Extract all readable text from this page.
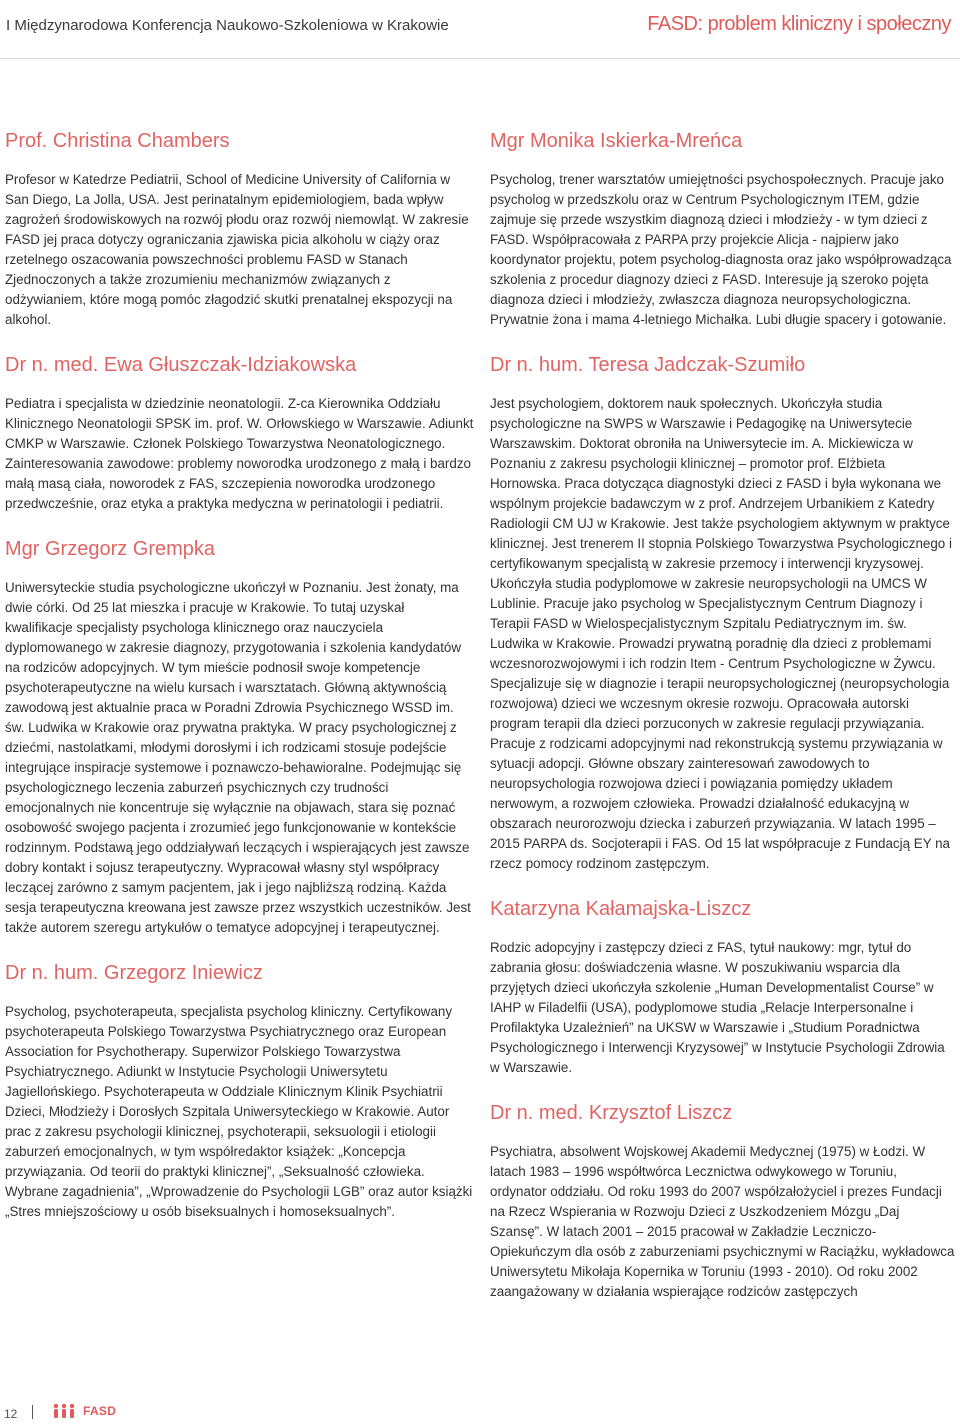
I Międzynarodowa Konferencja Naukowo-Szkoleniowa w Krakowie	FASD: problem kliniczny i społeczny
Prof. Christina Chambers

Profesor w Katedrze Pediatrii, School of Medicine University of California w San Diego, La Jolla, USA. Jest perinatalnym epidemiologiem, bada wpływ zagrożeń środowiskowych na rozwój płodu oraz rozwój niemowląt. W zakresie FASD jej praca dotyczy ograniczania zjawiska picia alkoholu w ciąży oraz rzetelnego oszacowania powszechności problemu FASD w Stanach Zjednoczonych a także zrozumieniu mechanizmów związanych z odżywianiem, które mogą pomóc złagodzić skutki prenatalnej ekspozycji na alkohol.

Dr n. med. Ewa Głuszczak-Idziakowska

Pediatra i specjalista w dziedzinie neonatologii. Z-ca Kierownika Oddziału Klinicznego Neonatologii SPSK im. prof. W. Orłowskiego w Warszawie. Adiunkt CMKP w Warszawie. Członek Polskiego Towarzystwa Neonatologicznego. Zainteresowania zawodowe: problemy noworodka urodzonego z małą i bardzo małą masą ciała, noworodek z FAS, szczepienia noworodka urodzonego przedwcześnie, oraz etyka a praktyka medyczna w perinatologii i pediatrii.

Mgr Grzegorz Grempka

Uniwersyteckie studia psychologiczne ukończył w Poznaniu. Jest żonaty, ma dwie córki. Od 25 lat mieszka i pracuje w Krakowie. To tutaj uzyskał kwalifikacje specjalisty psychologa klinicznego oraz nauczyciela dyplomowanego w zakresie diagnozy, przygotowania i szkolenia kandydatów na rodziców adopcyjnych. W tym mieście podnosił swoje kompetencje psychoterapeutyczne na wielu kursach i warsztatach. Główną aktywnością zawodową jest aktualnie praca w Poradni Zdrowia Psychicznego WSSD im. św. Ludwika w Krakowie oraz prywatna praktyka. W pracy psychologicznej z dziećmi, nastolatkami, młodymi dorosłymi i ich rodzicami stosuje podejście integrujące inspiracje systemowe i poznawczo-behawioralne. Podejmując się psychologicznego leczenia zaburzeń psychicznych czy trudności emocjonalnych nie koncentruje się wyłącznie na objawach, stara się poznać osobowość swojego pacjenta i zrozumieć jego funkcjonowanie w kontekście rodzinnym. Podstawą jego oddziaływań leczących i wspierających jest zawsze dobry kontakt i sojusz terapeutyczny. Wypracował własny styl współpracy leczącej zarówno z samym pacjentem, jak i jego najbliższą rodziną. Każda sesja terapeutyczna kreowana jest zawsze przez wszystkich uczestników. Jest także autorem szeregu artykułów o tematyce adopcyjnej i terapeutycznej.

Dr n. hum. Grzegorz Iniewicz

Psycholog, psychoterapeuta, specjalista psycholog kliniczny. Certyfikowany psychoterapeuta Polskiego Towarzystwa Psychiatrycznego oraz European Association for Psychotherapy. Superwizor Polskiego Towarzystwa Psychiatrycznego. Adiunkt w Instytucie Psychologii Uniwersytetu Jagiellońskiego. Psychoterapeuta w Oddziale Klinicznym Klinik Psychiatrii Dzieci, Młodzieży i Dorosłych Szpitala Uniwersyteckiego w Krakowie. Autor prac z zakresu psychologii klinicznej, psychoterapii, seksuologii i etiologii zaburzeń emocjonalnych, w tym współredaktor książek: „Koncepcja przywiązania. Od teorii do praktyki klinicznej”, „Seksualność człowieka. Wybrane zagadnienia”, „Wprowadzenie do Psychologii LGB” oraz autor książki „Stres mniejszościowy u osób biseksualnych i homoseksualnych”.

Mgr Monika Iskierka-Mreńca

Psycholog, trener warsztatów umiejętności psychospołecznych. Pracuje jako psycholog w przedszkolu oraz w Centrum Psychologicznym ITEM, gdzie zajmuje się przede wszystkim diagnozą dzieci i młodzieży - w tym dzieci z FASD. Współpracowała z PARPA przy projekcie Alicja - najpierw jako koordynator projektu, potem psycholog-diagnosta oraz jako współprowadząca szkolenia z procedur diagnozy dzieci z FASD. Interesuje ją szeroko pojęta diagnoza dzieci i młodzieży, zwłaszcza diagnoza neuropsychologiczna. Prywatnie żona i mama 4-letniego Michałka. Lubi długie spacery i gotowanie.

Dr n. hum. Teresa Jadczak-Szumiło

Jest psychologiem, doktorem nauk społecznych. Ukończyła studia psychologiczne na SWPS w Warszawie i Pedagogikę na Uniwersytecie Warszawskim. Doktorat obroniła na Uniwersytecie im. A. Mickiewicza w Poznaniu z zakresu psychologii klinicznej – promotor prof. Elżbieta Hornowska. Praca dotycząca diagnostyki dzieci z FASD i była wykonana we wspólnym projekcie badawczym w z prof. Andrzejem Urbanikiem z Katedry Radiologii CM UJ w Krakowie. Jest także psychologiem aktywnym w praktyce klinicznej. Jest trenerem II stopnia Polskiego Towarzystwa Psychologicznego i certyfikowanym specjalistą w zakresie przemocy i interwencji kryzysowej. Ukończyła studia podyplomowe w zakresie neuropsychologii na UMCS W Lublinie. Pracuje jako psycholog w Specjalistycznym Centrum Diagnozy i Terapii FASD w Wielospecjalistycznym Szpitalu Pediatrycznym im. św. Ludwika w Krakowie. Prowadzi prywatną poradnię dla dzieci z problemami wczesnorozwojowymi i ich rodzin Item - Centrum Psychologiczne w Żywcu. Specjalizuje się w diagnozie i terapii neuropsychologicznej (neuropsychologia rozwojowa) dzieci we wczesnym okresie rozwoju. Opracowała autorski program terapii dla dzieci porzuconych w zakresie regulacji przywiązania. Pracuje z rodzicami adopcyjnymi nad rekonstrukcją systemu przywiązania w sytuacji adopcji. Główne obszary zainteresowań zawodowych to neuropsychologia rozwojowa dzieci i powiązania pomiędzy układem nerwowym, a rozwojem człowieka. Prowadzi działalność edukacyjną w obszarach neurorozwoju dziecka i zaburzeń przywiązania. W latach 1995 – 2015 PARPA ds. Socjoterapii i FAS. Od 15 lat współpracuje z Fundacją EY na rzecz pomocy rodzinom zastępczym.

Katarzyna Kałamajska-Liszcz

Rodzic adopcyjny i zastępczy dzieci z FAS, tytuł naukowy: mgr, tytuł do zabrania głosu: doświadczenia własne. W poszukiwaniu wsparcia dla przyjętych dzieci ukończyła szkolenie „Human Developmentalist Course” w IAHP w Filadelfii (USA), podyplomowe studia „Relacje Interpersonalne i Profilaktyka Uzależnień” na UKSW w Warszawie i „Studium Poradnictwa Psychologicznego i Interwencji Kryzysowej” w Instytucie Psychologii Zdrowia w Warszawie.

Dr n. med. Krzysztof Liszcz

Psychiatra, absolwent Wojskowej Akademii Medycznej (1975) w Łodzi. W latach 1983 – 1996 współtwórca Lecznictwa odwykowego w Toruniu, ordynator oddziału. Od roku 1993 do 2007 współzałożyciel i prezes Fundacji na Rzecz Wspierania w Rozwoju Dzieci z Uszkodzeniem Mózgu „Daj Szansę”. W latach 2001 – 2015 pracował w Zakładzie Leczniczo-Opiekuńczym dla osób z zaburzeniami psychicznymi w Raciążku, wykładowca Uniwersytetu Mikołaja Kopernika w Toruniu (1993 - 2010). Od roku 2002 zaangażowany w działania wspierające rodziców zastępczych

12	FASD
